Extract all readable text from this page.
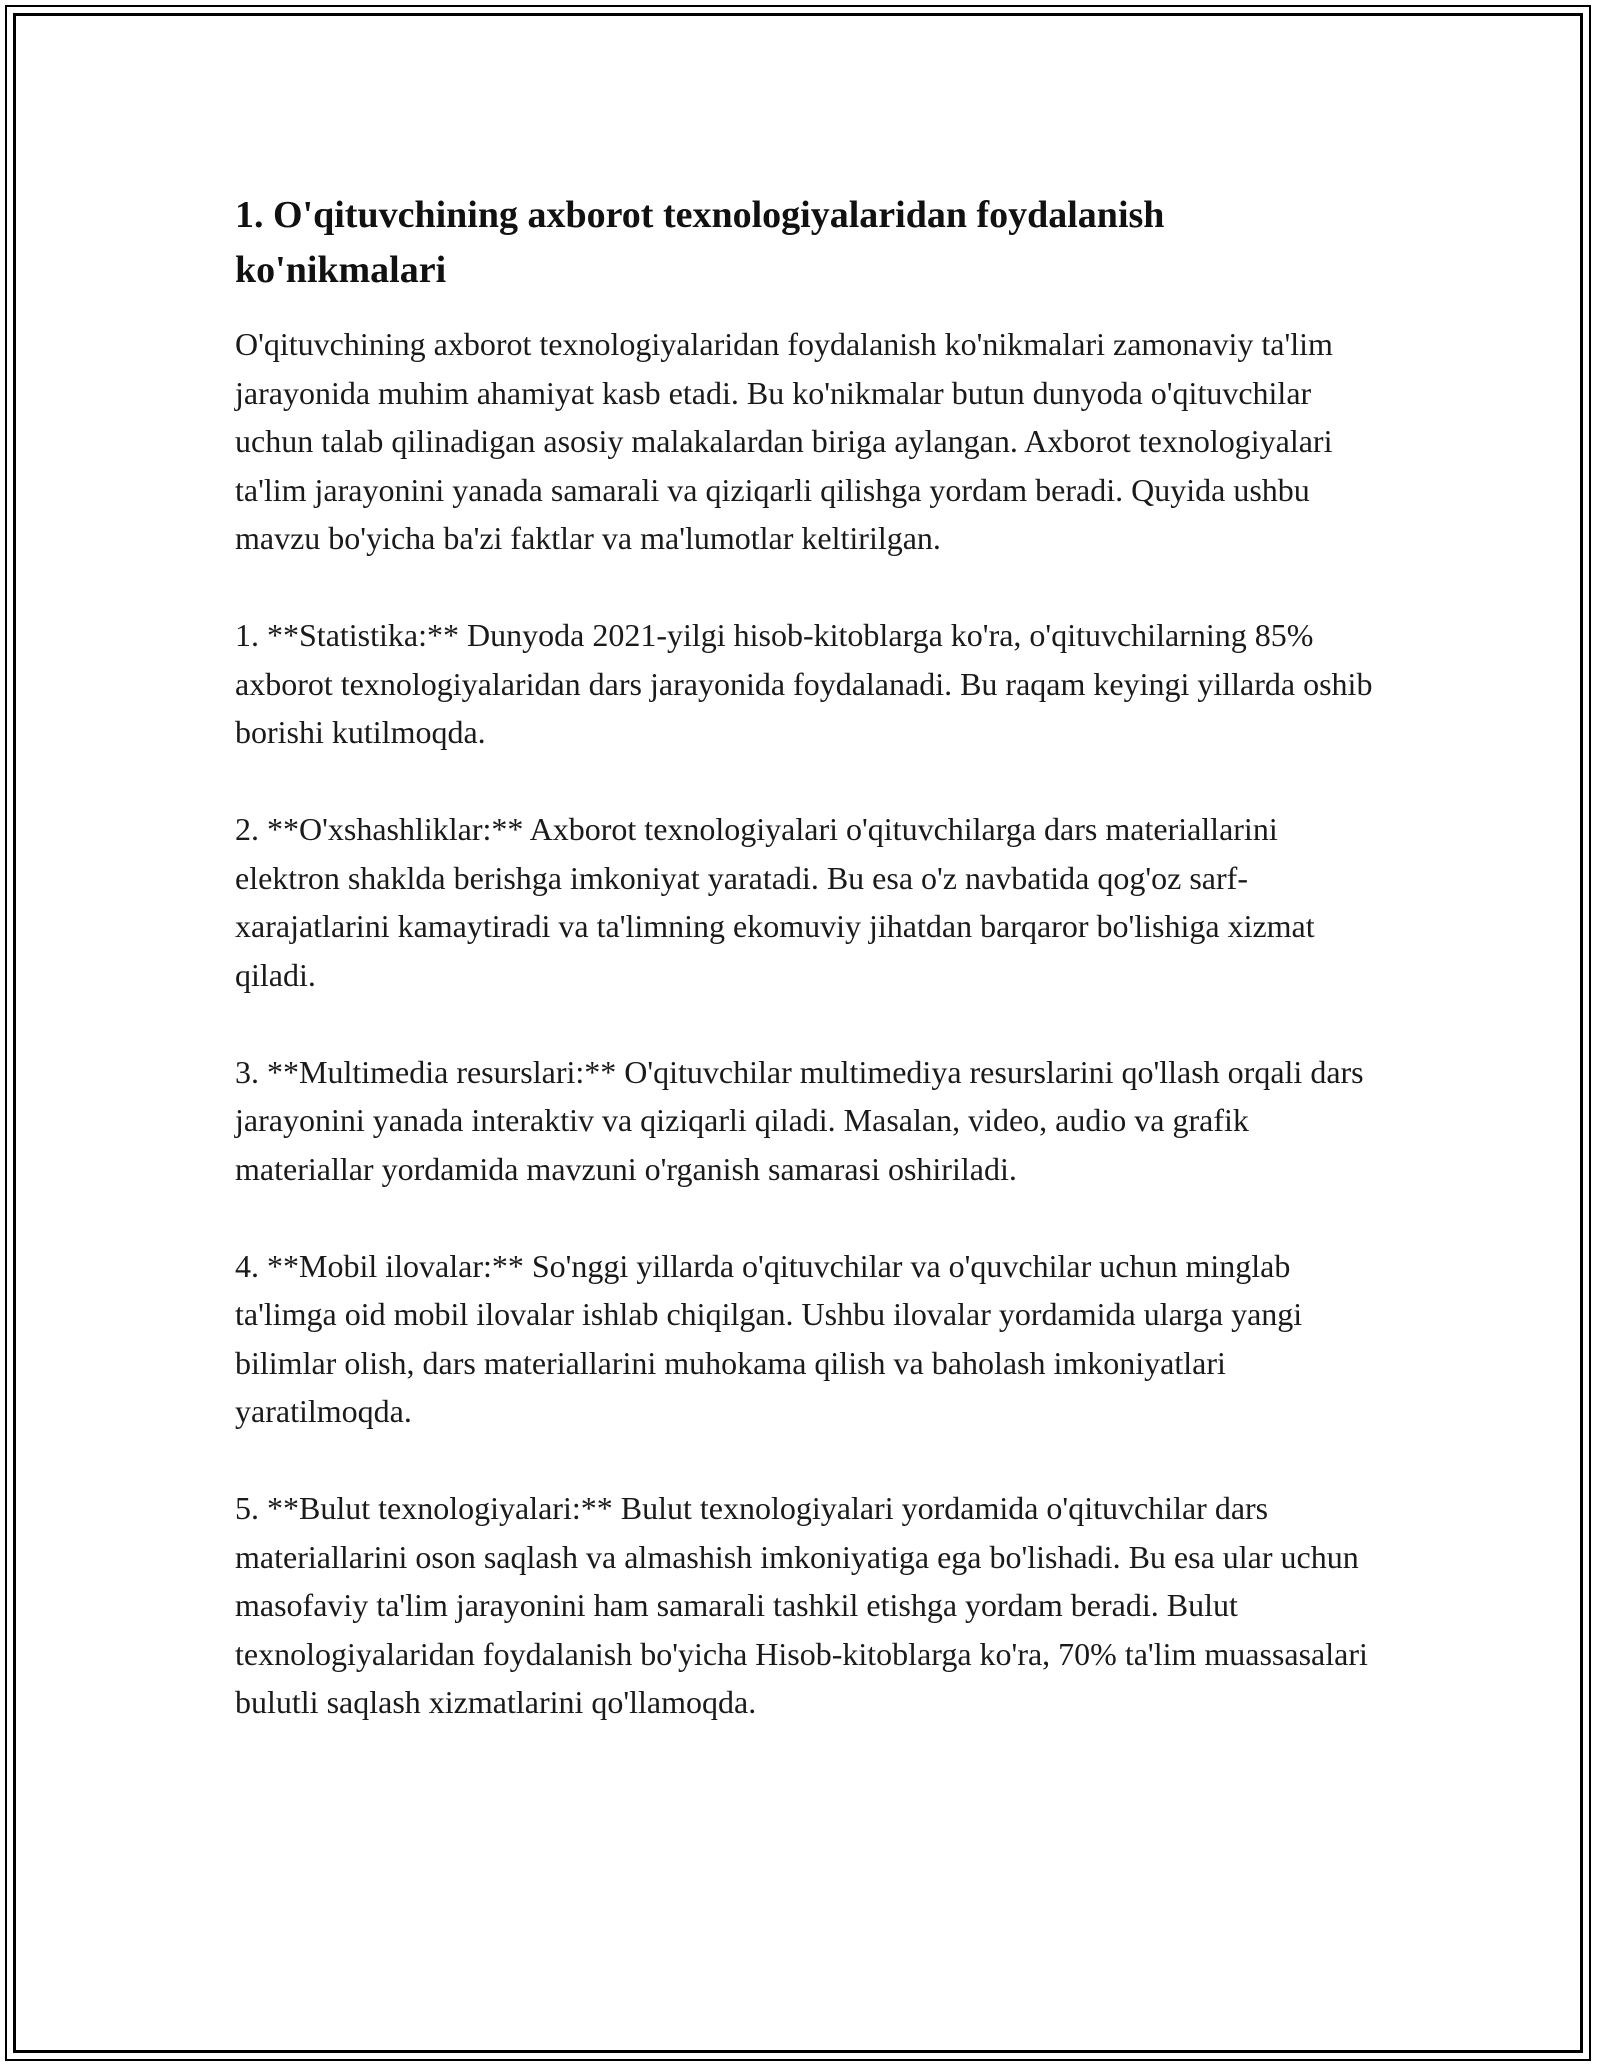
1. O'qituvchining axborot texnologiyalaridan foydalanish ko'nikmalari

O'qituvchining axborot texnologiyalaridan foydalanish ko'nikmalari zamonaviy ta'lim jarayonida muhim ahamiyat kasb etadi. Bu ko'nikmalar butun dunyoda o'qituvchilar uchun talab qilinadigan asosiy malakalardan biriga aylangan. Axborot texnologiyalari ta'lim jarayonini yanada samarali va qiziqarli qilishga yordam beradi. Quyida ushbu mavzu bo'yicha ba'zi faktlar va ma'lumotlar keltirilgan.

1. **Statistika:** Dunyoda 2021-yilgi hisob-kitoblarga ko'ra, o'qituvchilarning 85% axborot texnologiyalaridan dars jarayonida foydalanadi. Bu raqam keyingi yillarda oshib borishi kutilmoqda.

2. **O'xshashliklar:** Axborot texnologiyalari o'qituvchilarga dars materiallarini elektron shaklda berishga imkoniyat yaratadi. Bu esa o'z navbatida qog'oz sarf-xarajatlarini kamaytiradi va ta'limning ekomuviy jihatdan barqaror bo'lishiga xizmat qiladi.

3. **Multimedia resurslari:** O'qituvchilar multimediya resurslarini qo'llash orqali dars jarayonini yanada interaktiv va qiziqarli qiladi. Masalan, video, audio va grafik materiallar yordamida mavzuni o'rganish samarasi oshiriladi.

4. **Mobil ilovalar:** So'nggi yillarda o'qituvchilar va o'quvchilar uchun minglab ta'limga oid mobil ilovalar ishlab chiqilgan. Ushbu ilovalar yordamida ularga yangi bilimlar olish, dars materiallarini muhokama qilish va baholash imkoniyatlari yaratilmoqda.

5. **Bulut texnologiyalari:** Bulut texnologiyalari yordamida o'qituvchilar dars materiallarini oson saqlash va almashish imkoniyatiga ega bo'lishadi. Bu esa ular uchun masofaviy ta'lim jarayonini ham samarali tashkil etishga yordam beradi. Bulut texnologiyalaridan foydalanish bo'yicha Hisob-kitoblarga ko'ra, 70% ta'lim muassasalari bulutli saqlash xizmatlarini qo'llamoqda.
